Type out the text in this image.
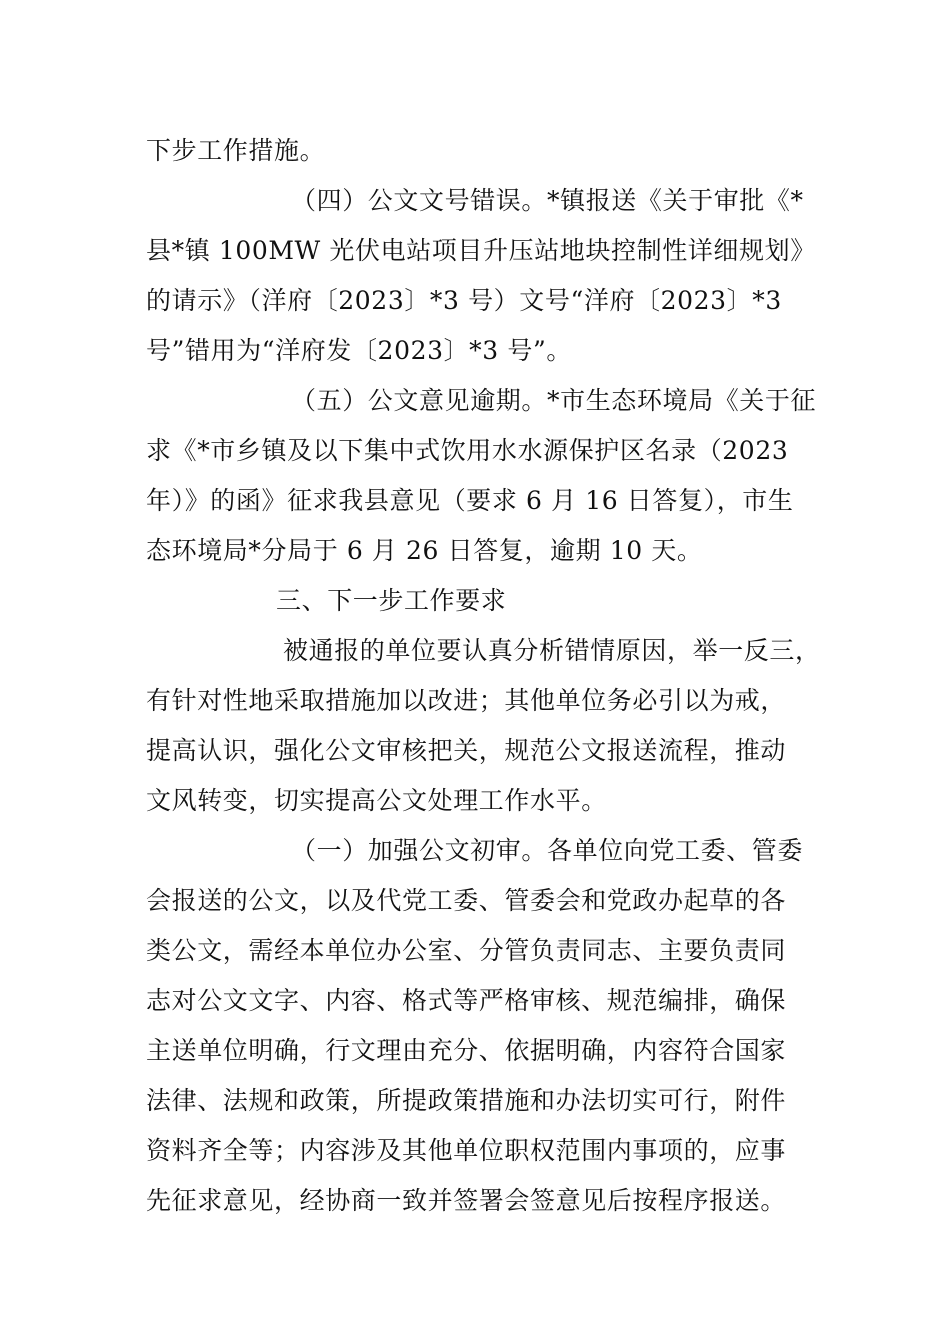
下步工作措施。
（四）公文文号错误。*镇报送《关于审批《*
县*镇 100MW 光伏电站项目升压站地块控制性详细规划》
的请示》（洋府〔2023〕*3 号）文号“洋府〔2023〕*3
号”错用为“洋府发〔2023〕*3 号”。
（五）公文意见逾期。*市生态环境局《关于征
求《*市乡镇及以下集中式饮用水水源保护区名录（2023
年）》的函》征求我县意见（要求 6 月 16 日答复），市生
态环境局*分局于 6 月 26 日答复，逾期 10 天。
三、下一步工作要求
被通报的单位要认真分析错情原因，举一反三，
有针对性地采取措施加以改进；其他单位务必引以为戒，
提高认识，强化公文审核把关，规范公文报送流程，推动
文风转变，切实提高公文处理工作水平。
（一）加强公文初审。各单位向党工委、管委
会报送的公文，以及代党工委、管委会和党政办起草的各
类公文，需经本单位办公室、分管负责同志、主要负责同
志对公文文字、内容、格式等严格审核、规范编排，确保
主送单位明确，行文理由充分、依据明确，内容符合国家
法律、法规和政策，所提政策措施和办法切实可行，附件
资料齐全等；内容涉及其他单位职权范围内事项的，应事
先征求意见，经协商一致并签署会签意见后按程序报送。
